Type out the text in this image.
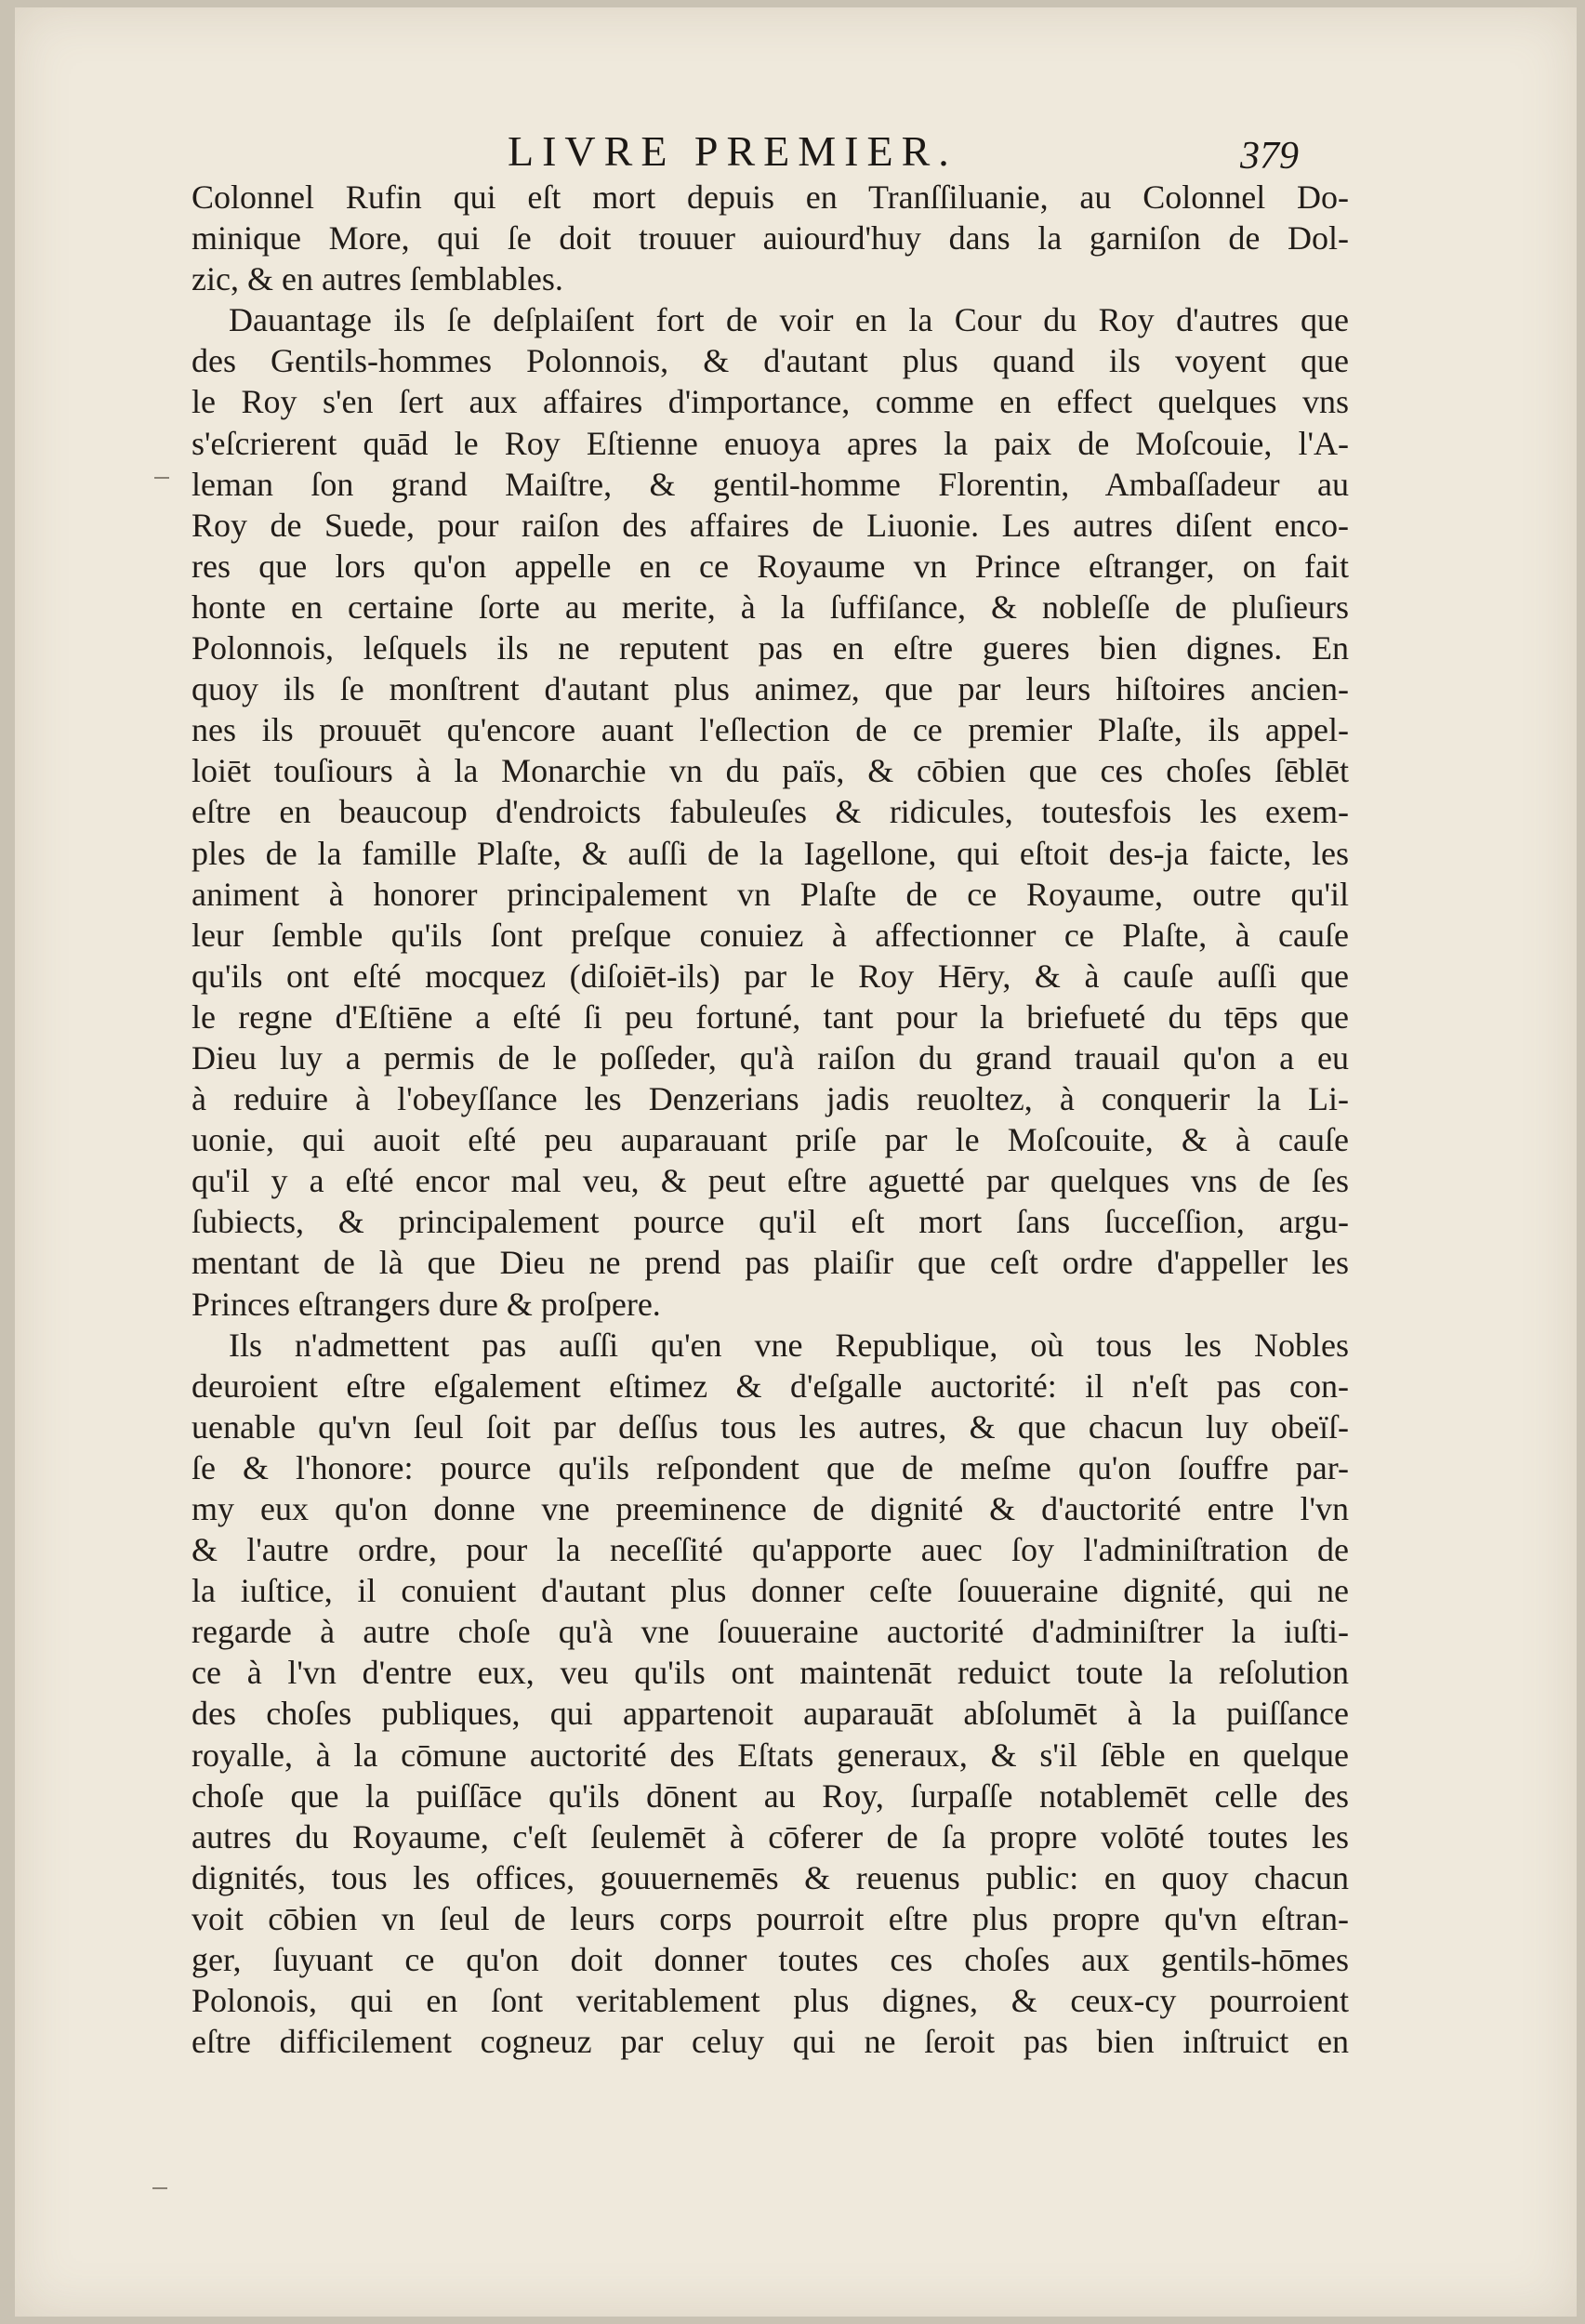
LIVRE PREMIER.	379
Colonnel Rufin qui eſt mort depuis en Tranſſiluanie, au Colonnel Do-
minique More, qui ſe doit trouuer auiourd'huy dans la garniſon de Dol-
zic, & en autres ſemblables.
Dauantage ils ſe deſplaiſent fort de voir en la Cour du Roy d'autres que
des Gentils-hommes Polonnois, & d'autant plus quand ils voyent que
le Roy s'en ſert aux affaires d'importance, comme en effect quelques vns
s'eſcrierent quād le Roy Eſtienne enuoya apres la paix de Moſcouie, l'A-
leman ſon grand Maiſtre, & gentil-homme Florentin, Ambaſſadeur au
Roy de Suede, pour raiſon des affaires de Liuonie. Les autres diſent enco-
res que lors qu'on appelle en ce Royaume vn Prince eſtranger, on fait
honte en certaine ſorte au merite, à la ſuffiſance, & nobleſſe de pluſieurs
Polonnois, leſquels ils ne reputent pas en eſtre gueres bien dignes. En
quoy ils ſe monſtrent d'autant plus animez, que par leurs hiſtoires ancien-
nes ils prouuēt qu'encore auant l'eſlection de ce premier Plaſte, ils appel-
loiēt touſiours à la Monarchie vn du païs, & cōbien que ces choſes ſēblēt
eſtre en beaucoup d'endroicts fabuleuſes & ridicules, toutesfois les exem-
ples de la famille Plaſte, & auſſi de la Iagellone, qui eſtoit des-ja faicte, les
animent à honorer principalement vn Plaſte de ce Royaume, outre qu'il
leur ſemble qu'ils ſont preſque conuiez à affectionner ce Plaſte, à cauſe
qu'ils ont eſté mocquez (diſoiēt-ils) par le Roy Hēry, & à cauſe auſſi que
le regne d'Eſtiēne a eſté ſi peu fortuné, tant pour la briefueté du tēps que
Dieu luy a permis de le poſſeder, qu'à raiſon du grand trauail qu'on a eu
à reduire à l'obeyſſance les Denzerians jadis reuoltez, à conquerir la Li-
uonie, qui auoit eſté peu auparauant priſe par le Moſcouite, & à cauſe
qu'il y a eſté encor mal veu, & peut eſtre aguetté par quelques vns de ſes
ſubiects, & principalement pource qu'il eſt mort ſans ſucceſſion, argu-
mentant de là que Dieu ne prend pas plaiſir que ceſt ordre d'appeller les
Princes eſtrangers dure & proſpere.
Ils n'admettent pas auſſi qu'en vne Republique, où tous les Nobles
deuroient eſtre eſgalement eſtimez & d'eſgalle auctorité: il n'eſt pas con-
uenable qu'vn ſeul ſoit par deſſus tous les autres, & que chacun luy obeïſ-
ſe & l'honore: pource qu'ils reſpondent que de meſme qu'on ſouffre par-
my eux qu'on donne vne preeminence de dignité & d'auctorité entre l'vn
& l'autre ordre, pour la neceſſité qu'apporte auec ſoy l'adminiſtration de
la iuſtice, il conuient d'autant plus donner ceſte ſouueraine dignité, qui ne
regarde à autre choſe qu'à vne ſouueraine auctorité d'adminiſtrer la iuſti-
ce à l'vn d'entre eux, veu qu'ils ont maintenāt reduict toute la reſolution
des choſes publiques, qui appartenoit auparauāt abſolumēt à la puiſſance
royalle, à la cōmune auctorité des Eſtats generaux, & s'il ſēble en quelque
choſe que la puiſſāce qu'ils dōnent au Roy, ſurpaſſe notablemēt celle des
autres du Royaume, c'eſt ſeulemēt à cōferer de ſa propre volōté toutes les
dignités, tous les offices, gouuernemēs & reuenus public: en quoy chacun
voit cōbien vn ſeul de leurs corps pourroit eſtre plus propre qu'vn eſtran-
ger, ſuyuant ce qu'on doit donner toutes ces choſes aux gentils-hōmes
Polonois, qui en ſont veritablement plus dignes, & ceux-cy pourroient
eſtre difficilement cogneuz par celuy qui ne ſeroit pas bien inſtruict en
